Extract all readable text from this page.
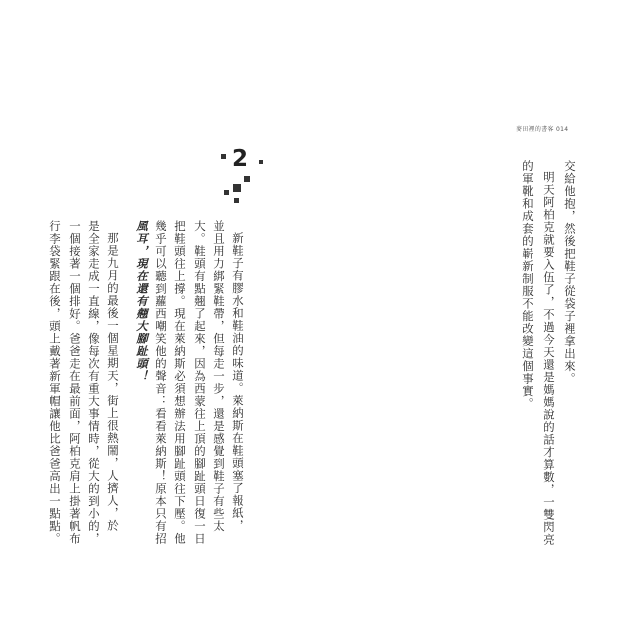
麥田裡的書客 014
交給他抱，然後把鞋子從袋子裡拿出來。
明天阿柏克就要入伍了，不過今天還是媽媽說的話才算數，一雙閃亮
的軍靴和成套的嶄新制服不能改變這個事實。
2
新鞋子有膠水和鞋油的味道。萊納斯在鞋頭塞了報紙，
並且用力綁緊鞋帶，但每走一步，還是感覺到鞋子有些太
大。鞋頭有點翹了起來，因為西蒙往上頂的腳趾頭日復一日
把鞋頭往上撐。現在萊納斯必須想辦法用腳趾頭往下壓。他
幾乎可以聽到蘿西嘲笑他的聲音：看看萊納斯！原本只有招
風耳，現在還有翹大腳趾頭！
那是九月的最後一個星期天，街上很熱鬧，人擠人，於
是全家走成一直線，像每次有重大事情時，從大的到小的，
一個接著一個排好。爸爸走在最前面，阿柏克肩上掛著帆布
行李袋緊跟在後，頭上戴著新軍帽讓他比爸爸高出一點點。
